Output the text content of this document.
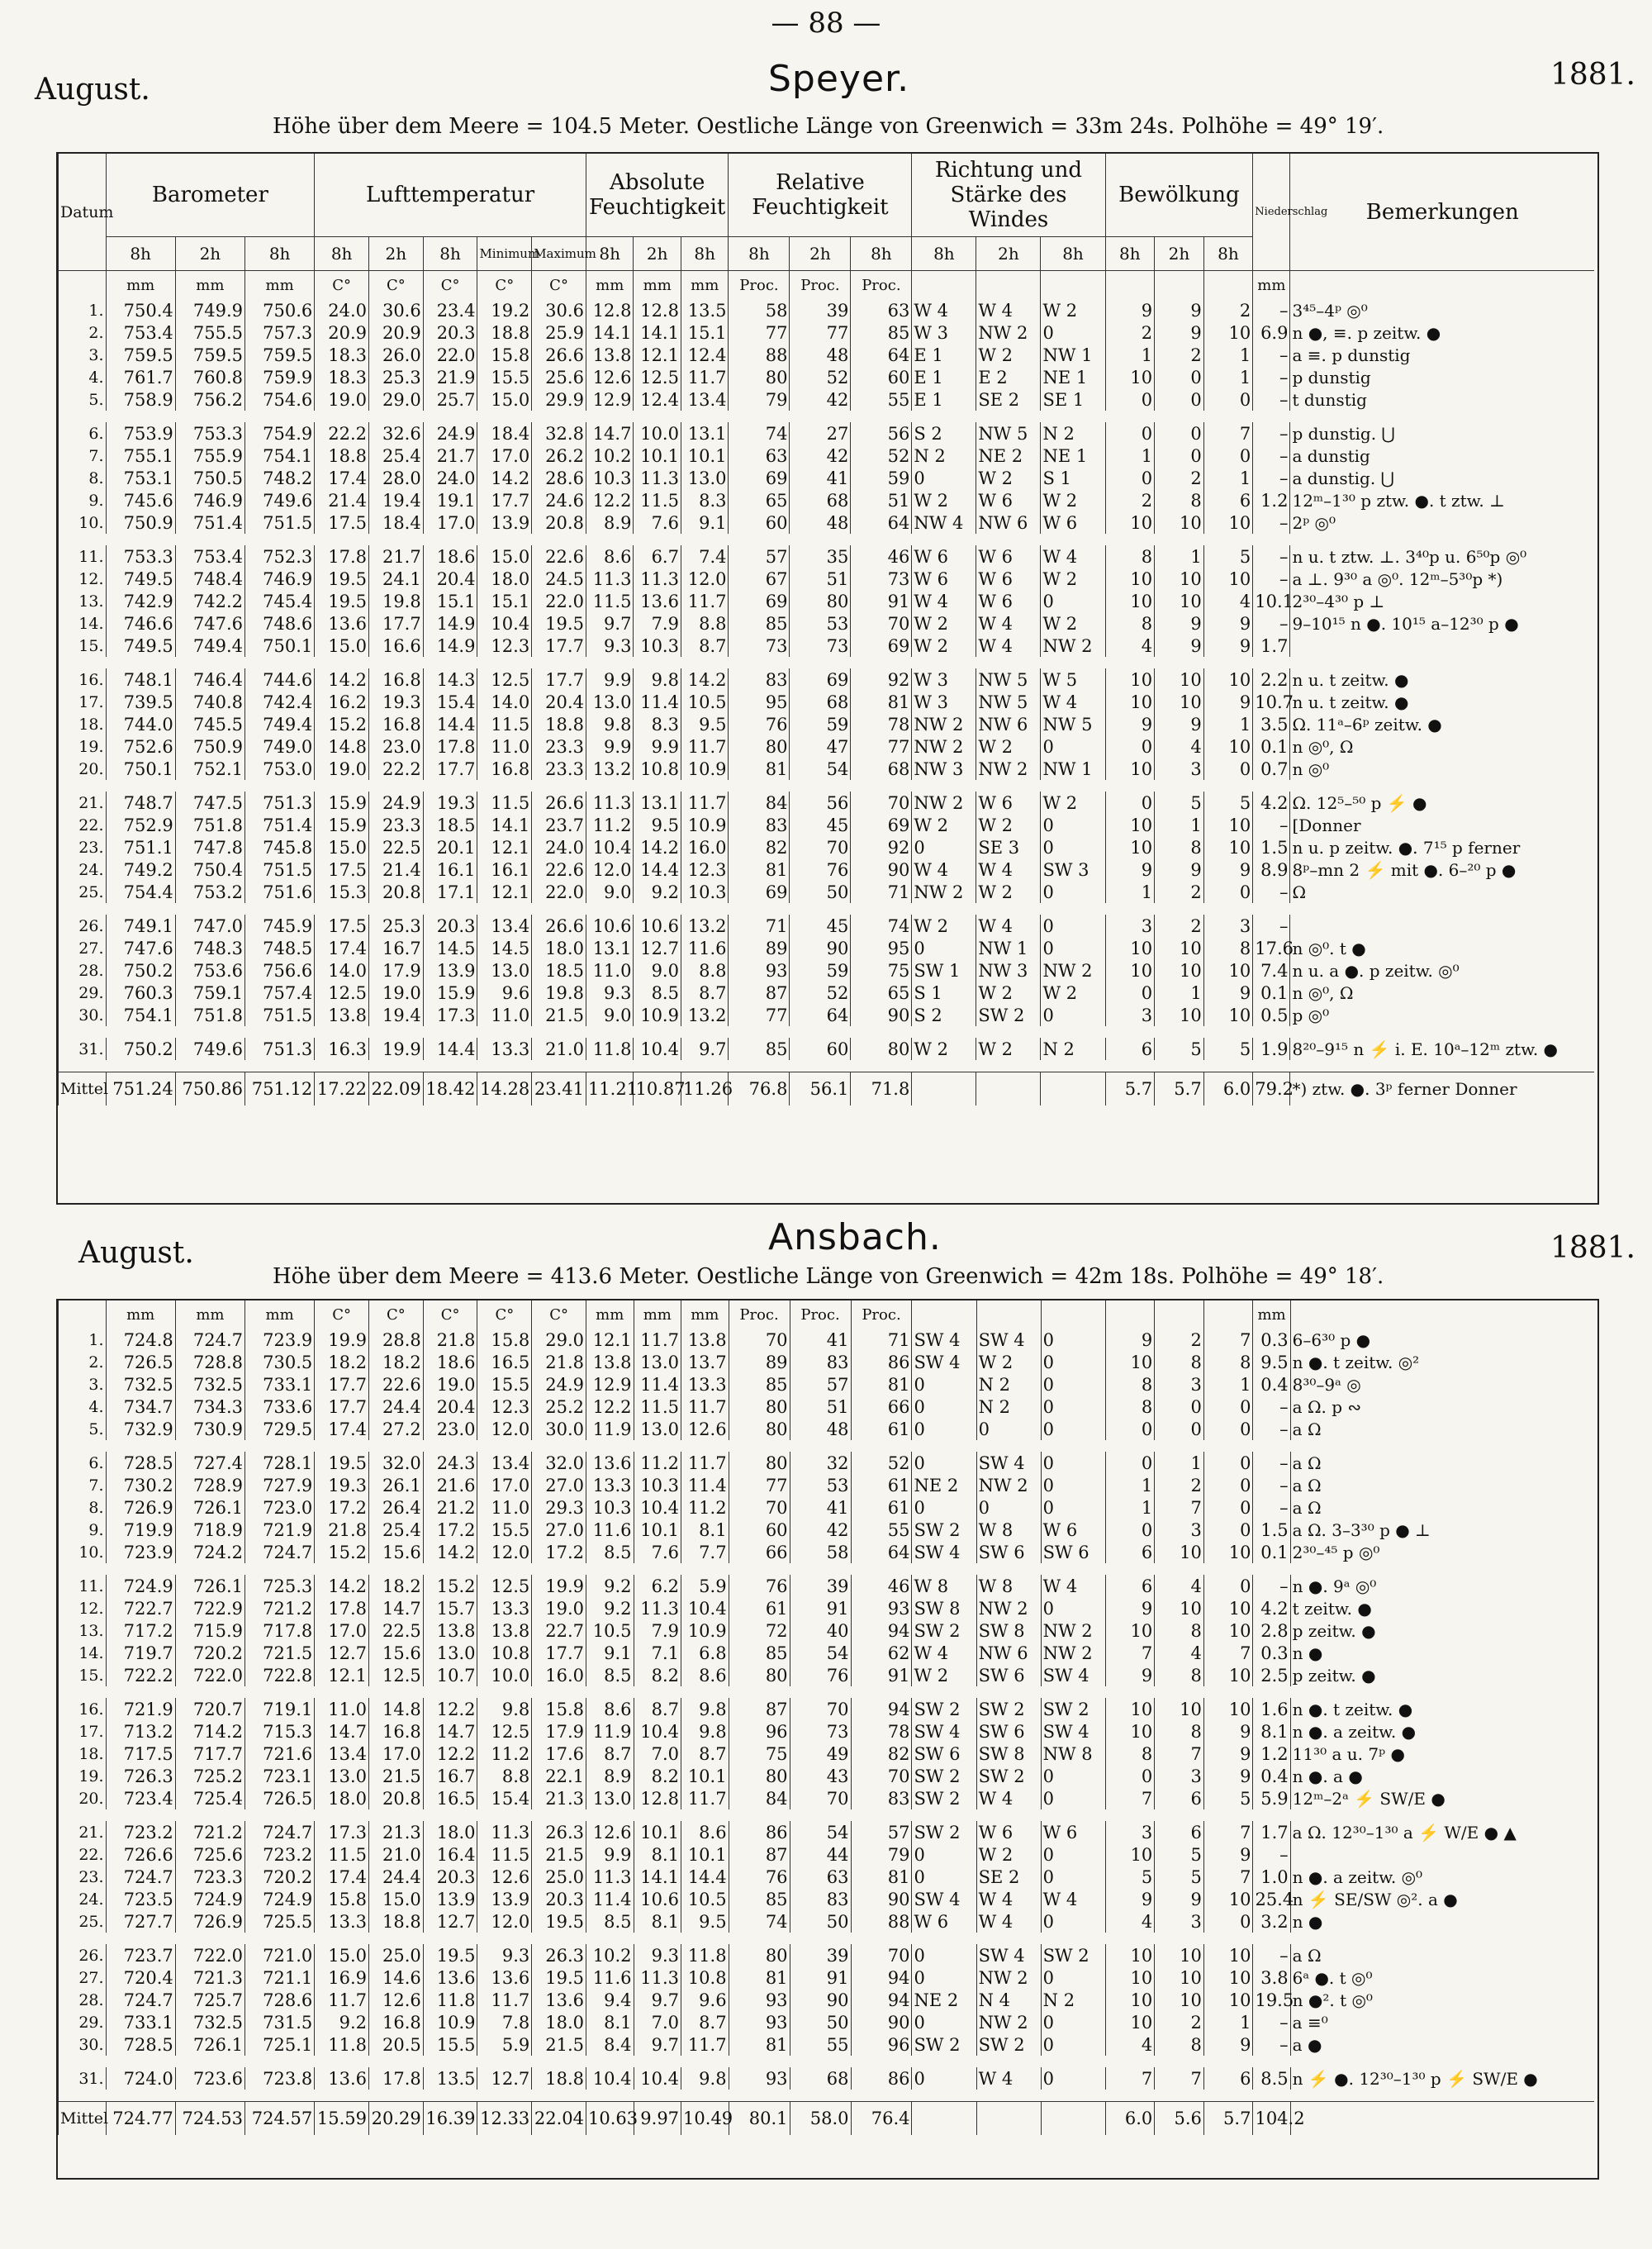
— 88 —
August.	Speyer.	1881.
Höhe über dem Meere = 104.5 Meter. Oestliche Länge von Greenwich = 33m 24s. Polhöhe = 49° 19′.
Datum	Barometer			Lufttemperatur					Absolute Feuchtigkeit			Relative Feuchtigkeit			Richtung und Stärke des Windes			Bewölkung			Niederschlag	Bemerkungen
	8h	2h	8h	8h	2h	8h	Minimum	Maximum	8h	2h	8h	8h	2h	8h	8h	2h	8h	8h	2h	8h		
	mm	mm	mm	C°	C°	C°	C°	C°	mm	mm	mm	Proc.	Proc.	Proc.							mm	
1.	750.4	749.9	750.6	24.0	30.6	23.4	19.2	30.6	12.8	12.8	13.5	58	39	63	W 4	W 4	W 2	9	9	2	–	3⁴⁵–4ᵖ ◎⁰
2.	753.4	755.5	757.3	20.9	20.9	20.3	18.8	25.9	14.1	14.1	15.1	77	77	85	W 3	NW 2	0	2	9	10	6.9	n ●, ≡. p zeitw. ●
3.	759.5	759.5	759.5	18.3	26.0	22.0	15.8	26.6	13.8	12.1	12.4	88	48	64	E 1	W 2	NW 1	1	2	1	–	a ≡. p dunstig
4.	761.7	760.8	759.9	18.3	25.3	21.9	15.5	25.6	12.6	12.5	11.7	80	52	60	E 1	E 2	NE 1	10	0	1	–	p dunstig
5.	758.9	756.2	754.6	19.0	29.0	25.7	15.0	29.9	12.9	12.4	13.4	79	42	55	E 1	SE 2	SE 1	0	0	0	–	t dunstig

6.	753.9	753.3	754.9	22.2	32.6	24.9	18.4	32.8	14.7	10.0	13.1	74	27	56	S 2	NW 5	N 2	0	0	7	–	p dunstig. ⋃
7.	755.1	755.9	754.1	18.8	25.4	21.7	17.0	26.2	10.2	10.1	10.1	63	42	52	N 2	NE 2	NE 1	1	0	0	–	a dunstig
8.	753.1	750.5	748.2	17.4	28.0	24.0	14.2	28.6	10.3	11.3	13.0	69	41	59	0	W 2	S 1	0	2	1	–	a dunstig. ⋃
9.	745.6	746.9	749.6	21.4	19.4	19.1	17.7	24.6	12.2	11.5	8.3	65	68	51	W 2	W 6	W 2	2	8	6	1.2	12ᵐ–1³⁰ p ztw. ●. t ztw. ⊥
10.	750.9	751.4	751.5	17.5	18.4	17.0	13.9	20.8	8.9	7.6	9.1	60	48	64	NW 4	NW 6	W 6	10	10	10	–	2ᵖ ◎⁰

11.	753.3	753.4	752.3	17.8	21.7	18.6	15.0	22.6	8.6	6.7	7.4	57	35	46	W 6	W 6	W 4	8	1	5	–	n u. t ztw. ⊥. 3⁴⁰p u. 6⁵⁰p ◎⁰
12.	749.5	748.4	746.9	19.5	24.1	20.4	18.0	24.5	11.3	11.3	12.0	67	51	73	W 6	W 6	W 2	10	10	10	–	a ⊥. 9³⁰ a ◎⁰. 12ᵐ–5³⁰p *)
13.	742.9	742.2	745.4	19.5	19.8	15.1	15.1	22.0	11.5	13.6	11.7	69	80	91	W 4	W 6	0	10	10	4	10.1	2³⁰–4³⁰ p ⊥
14.	746.6	747.6	748.6	13.6	17.7	14.9	10.4	19.5	9.7	7.9	8.8	85	53	70	W 2	W 4	W 2	8	9	9	–	9–10¹⁵ n ●. 10¹⁵ a–12³⁰ p ●
15.	749.5	749.4	750.1	15.0	16.6	14.9	12.3	17.7	9.3	10.3	8.7	73	73	69	W 2	W 4	NW 2	4	9	9	1.7	

16.	748.1	746.4	744.6	14.2	16.8	14.3	12.5	17.7	9.9	9.8	14.2	83	69	92	W 3	NW 5	W 5	10	10	10	2.2	n u. t zeitw. ●
17.	739.5	740.8	742.4	16.2	19.3	15.4	14.0	20.4	13.0	11.4	10.5	95	68	81	W 3	NW 5	W 4	10	10	9	10.7	n u. t zeitw. ●
18.	744.0	745.5	749.4	15.2	16.8	14.4	11.5	18.8	9.8	8.3	9.5	76	59	78	NW 2	NW 6	NW 5	9	9	1	3.5	Ω. 11ᵃ–6ᵖ zeitw. ●
19.	752.6	750.9	749.0	14.8	23.0	17.8	11.0	23.3	9.9	9.9	11.7	80	47	77	NW 2	W 2	0	0	4	10	0.1	n ◎⁰, Ω
20.	750.1	752.1	753.0	19.0	22.2	17.7	16.8	23.3	13.2	10.8	10.9	81	54	68	NW 3	NW 2	NW 1	10	3	0	0.7	n ◎⁰

21.	748.7	747.5	751.3	15.9	24.9	19.3	11.5	26.6	11.3	13.1	11.7	84	56	70	NW 2	W 6	W 2	0	5	5	4.2	Ω. 12⁵–⁵⁰ p ⚡ ●
22.	752.9	751.8	751.4	15.9	23.3	18.5	14.1	23.7	11.2	9.5	10.9	83	45	69	W 2	W 2	0	10	1	10	–	[Donner
23.	751.1	747.8	745.8	15.0	22.5	20.1	12.1	24.0	10.4	14.2	16.0	82	70	92	0	SE 3	0	10	8	10	1.5	n u. p zeitw. ●. 7¹⁵ p ferner
24.	749.2	750.4	751.5	17.5	21.4	16.1	16.1	22.6	12.0	14.4	12.3	81	76	90	W 4	W 4	SW 3	9	9	9	8.9	8ᵖ–mn 2 ⚡ mit ●. 6–²⁰ p ●
25.	754.4	753.2	751.6	15.3	20.8	17.1	12.1	22.0	9.0	9.2	10.3	69	50	71	NW 2	W 2	0	1	2	0	–	Ω

26.	749.1	747.0	745.9	17.5	25.3	20.3	13.4	26.6	10.6	10.6	13.2	71	45	74	W 2	W 4	0	3	2	3	–	
27.	747.6	748.3	748.5	17.4	16.7	14.5	14.5	18.0	13.1	12.7	11.6	89	90	95	0	NW 1	0	10	10	8	17.6	n ◎⁰. t ●
28.	750.2	753.6	756.6	14.0	17.9	13.9	13.0	18.5	11.0	9.0	8.8	93	59	75	SW 1	NW 3	NW 2	10	10	10	7.4	n u. a ●. p zeitw. ◎⁰
29.	760.3	759.1	757.4	12.5	19.0	15.9	9.6	19.8	9.3	8.5	8.7	87	52	65	S 1	W 2	W 2	0	1	9	0.1	n ◎⁰, Ω
30.	754.1	751.8	751.5	13.8	19.4	17.3	11.0	21.5	9.0	10.9	13.2	77	64	90	S 2	SW 2	0	3	10	10	0.5	p ◎⁰

31.	750.2	749.6	751.3	16.3	19.9	14.4	13.3	21.0	11.8	10.4	9.7	85	60	80	W 2	W 2	N 2	6	5	5	1.9	8²⁰–9¹⁵ n ⚡ i. E. 10ᵃ–12ᵐ ztw. ●

Mittel	751.24	750.86	751.12	17.22	22.09	18.42	14.28	23.41	11.21	10.87	11.26	76.8	56.1	71.8				5.7	5.7	6.0	79.2	*) ztw. ●. 3ᵖ ferner Donner
August.	Ansbach.	1881.
Höhe über dem Meere = 413.6 Meter. Oestliche Länge von Greenwich = 42m 18s. Polhöhe = 49° 18′.
	mm	mm	mm	C°	C°	C°	C°	C°	mm	mm	mm	Proc.	Proc.	Proc.							mm	
1.	724.8	724.7	723.9	19.9	28.8	21.8	15.8	29.0	12.1	11.7	13.8	70	41	71	SW 4	SW 4	0	9	2	7	0.3	6–6³⁰ p ●
2.	726.5	728.8	730.5	18.2	18.2	18.6	16.5	21.8	13.8	13.0	13.7	89	83	86	SW 4	W 2	0	10	8	8	9.5	n ●. t zeitw. ◎²
3.	732.5	732.5	733.1	17.7	22.6	19.0	15.5	24.9	12.9	11.4	13.3	85	57	81	0	N 2	0	8	3	1	0.4	8³⁰–9ᵃ ◎
4.	734.7	734.3	733.6	17.7	24.4	20.4	12.3	25.2	12.2	11.5	11.7	80	51	66	0	N 2	0	8	0	0	–	a Ω. p ∾
5.	732.9	730.9	729.5	17.4	27.2	23.0	12.0	30.0	11.9	13.0	12.6	80	48	61	0	0	0	0	0	0	–	a Ω

6.	728.5	727.4	728.1	19.5	32.0	24.3	13.4	32.0	13.6	11.2	11.7	80	32	52	0	SW 4	0	0	1	0	–	a Ω
7.	730.2	728.9	727.9	19.3	26.1	21.6	17.0	27.0	13.3	10.3	11.4	77	53	61	NE 2	NW 2	0	1	2	0	–	a Ω
8.	726.9	726.1	723.0	17.2	26.4	21.2	11.0	29.3	10.3	10.4	11.2	70	41	61	0	0	0	1	7	0	–	a Ω
9.	719.9	718.9	721.9	21.8	25.4	17.2	15.5	27.0	11.6	10.1	8.1	60	42	55	SW 2	W 8	W 6	0	3	0	1.5	a Ω. 3–3³⁰ p ● ⊥
10.	723.9	724.2	724.7	15.2	15.6	14.2	12.0	17.2	8.5	7.6	7.7	66	58	64	SW 4	SW 6	SW 6	6	10	10	0.1	2³⁰–⁴⁵ p ◎⁰

11.	724.9	726.1	725.3	14.2	18.2	15.2	12.5	19.9	9.2	6.2	5.9	76	39	46	W 8	W 8	W 4	6	4	0	–	n ●. 9ᵃ ◎⁰
12.	722.7	722.9	721.2	17.8	14.7	15.7	13.3	19.0	9.2	11.3	10.4	61	91	93	SW 8	NW 2	0	9	10	10	4.2	t zeitw. ●
13.	717.2	715.9	717.8	17.0	22.5	13.8	13.8	22.7	10.5	7.9	10.9	72	40	94	SW 2	SW 8	NW 2	10	8	10	2.8	p zeitw. ●
14.	719.7	720.2	721.5	12.7	15.6	13.0	10.8	17.7	9.1	7.1	6.8	85	54	62	W 4	NW 6	NW 2	7	4	7	0.3	n ●
15.	722.2	722.0	722.8	12.1	12.5	10.7	10.0	16.0	8.5	8.2	8.6	80	76	91	W 2	SW 6	SW 4	9	8	10	2.5	p zeitw. ●

16.	721.9	720.7	719.1	11.0	14.8	12.2	9.8	15.8	8.6	8.7	9.8	87	70	94	SW 2	SW 2	SW 2	10	10	10	1.6	n ●. t zeitw. ●
17.	713.2	714.2	715.3	14.7	16.8	14.7	12.5	17.9	11.9	10.4	9.8	96	73	78	SW 4	SW 6	SW 4	10	8	9	8.1	n ●. a zeitw. ●
18.	717.5	717.7	721.6	13.4	17.0	12.2	11.2	17.6	8.7	7.0	8.7	75	49	82	SW 6	SW 8	NW 8	8	7	9	1.2	11³⁰ a u. 7ᵖ ●
19.	726.3	725.2	723.1	13.0	21.5	16.7	8.8	22.1	8.9	8.2	10.1	80	43	70	SW 2	SW 2	0	0	3	9	0.4	n ●. a ●
20.	723.4	725.4	726.5	18.0	20.8	16.5	15.4	21.3	13.0	12.8	11.7	84	70	83	SW 2	W 4	0	7	6	5	5.9	12ᵐ–2ᵃ ⚡ SW/E ●

21.	723.2	721.2	724.7	17.3	21.3	18.0	11.3	26.3	12.6	10.1	8.6	86	54	57	SW 2	W 6	W 6	3	6	7	1.7	a Ω. 12³⁰–1³⁰ a ⚡ W/E ● ▲
22.	726.6	725.6	723.2	11.5	21.0	16.4	11.5	21.5	9.9	8.1	10.1	87	44	79	0	W 2	0	10	5	9	–	
23.	724.7	723.3	720.2	17.4	24.4	20.3	12.6	25.0	11.3	14.1	14.4	76	63	81	0	SE 2	0	5	5	7	1.0	n ●. a zeitw. ◎⁰
24.	723.5	724.9	724.9	15.8	15.0	13.9	13.9	20.3	11.4	10.6	10.5	85	83	90	SW 4	W 4	W 4	9	9	10	25.4	n ⚡ SE/SW ◎². a ●
25.	727.7	726.9	725.5	13.3	18.8	12.7	12.0	19.5	8.5	8.1	9.5	74	50	88	W 6	W 4	0	4	3	0	3.2	n ●

26.	723.7	722.0	721.0	15.0	25.0	19.5	9.3	26.3	10.2	9.3	11.8	80	39	70	0	SW 4	SW 2	10	10	10	–	a Ω
27.	720.4	721.3	721.1	16.9	14.6	13.6	13.6	19.5	11.6	11.3	10.8	81	91	94	0	NW 2	0	10	10	10	3.8	6ᵃ ●. t ◎⁰
28.	724.7	725.7	728.6	11.7	12.6	11.8	11.7	13.6	9.4	9.7	9.6	93	90	94	NE 2	N 4	N 2	10	10	10	19.5	n ●². t ◎⁰
29.	733.1	732.5	731.5	9.2	16.8	10.9	7.8	18.0	8.1	7.0	8.7	93	50	90	0	NW 2	0	10	2	1	–	a ≡⁰
30.	728.5	726.1	725.1	11.8	20.5	15.5	5.9	21.5	8.4	9.7	11.7	81	55	96	SW 2	SW 2	0	4	8	9	–	a ●

31.	724.0	723.6	723.8	13.6	17.8	13.5	12.7	18.8	10.4	10.4	9.8	93	68	86	0	W 4	0	7	7	6	8.5	n ⚡ ●. 12³⁰–1³⁰ p ⚡ SW/E ●

Mittel	724.77	724.53	724.57	15.59	20.29	16.39	12.33	22.04	10.63	9.97	10.49	80.1	58.0	76.4				6.0	5.6	5.7	104.2	
